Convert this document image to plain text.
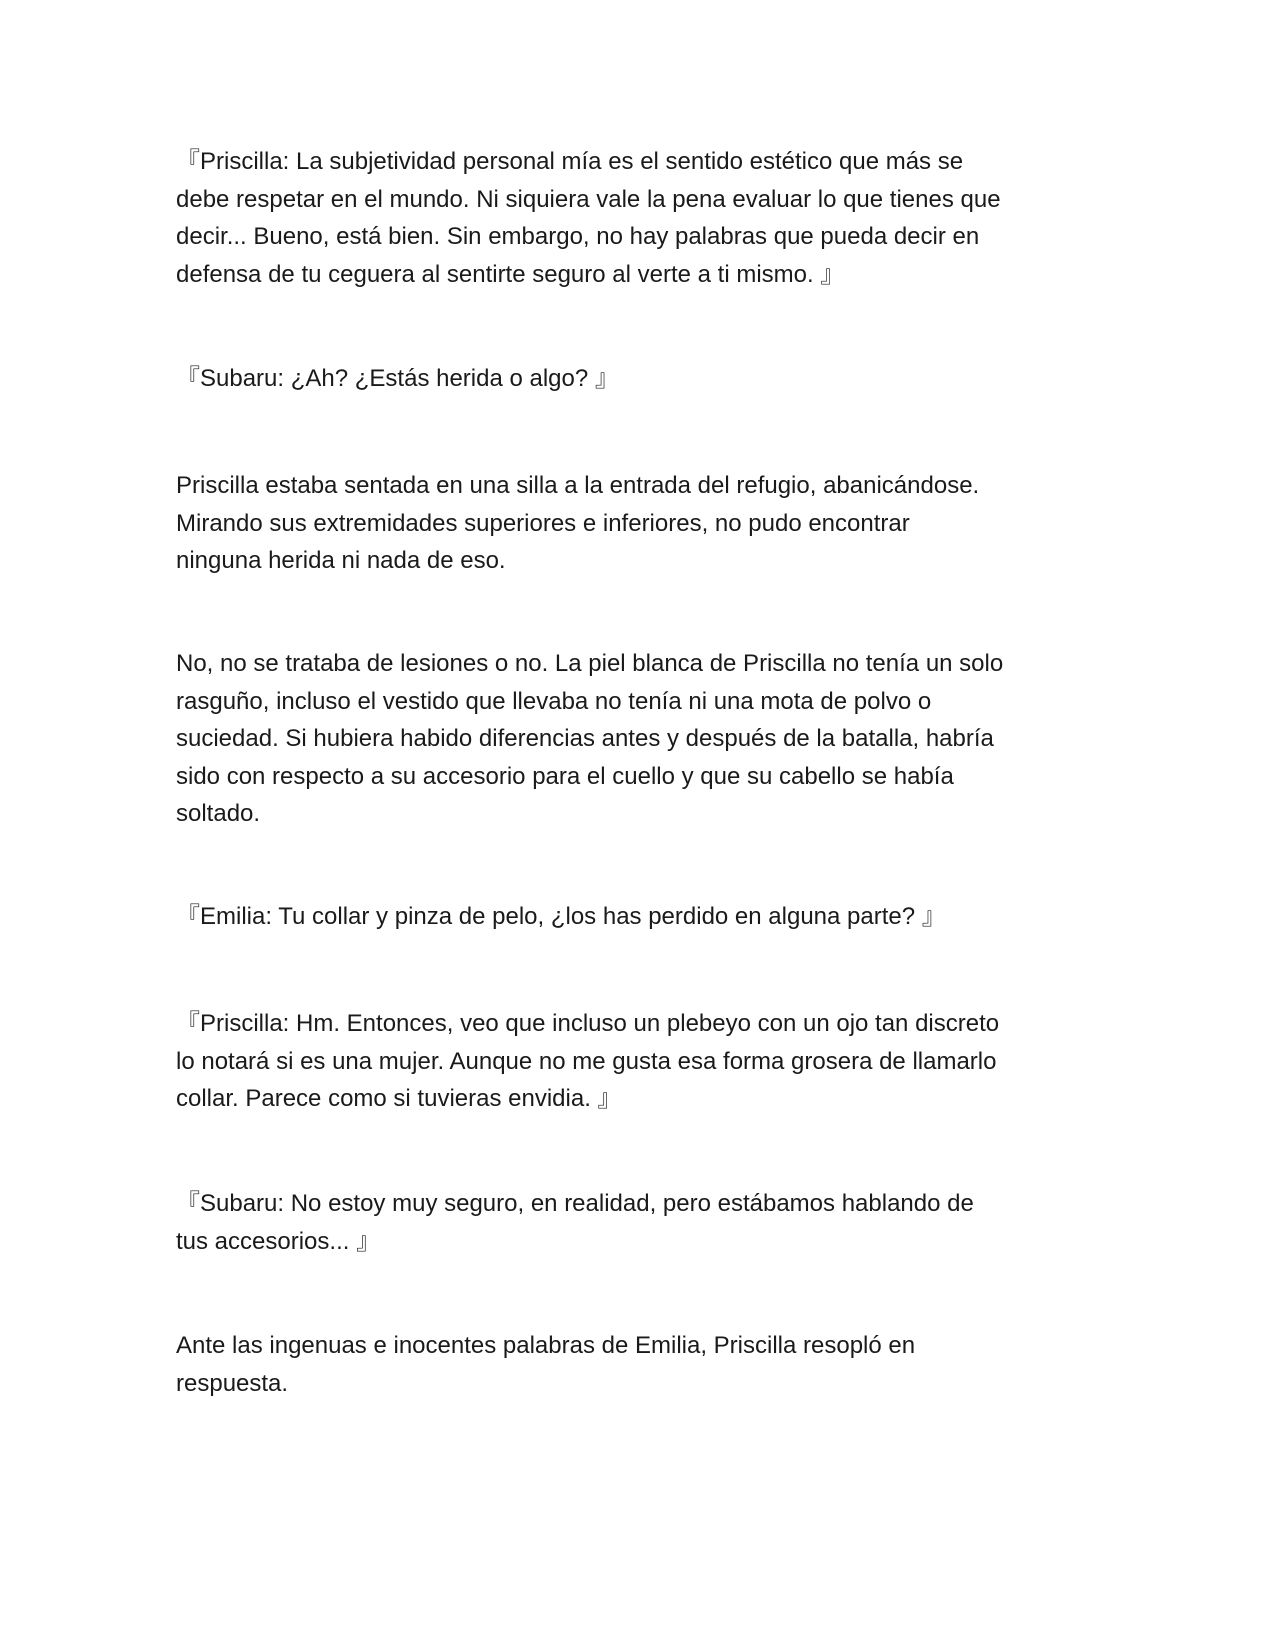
『Priscilla: La subjetividad personal mía es el sentido estético que más se
debe respetar en el mundo. Ni siquiera vale la pena evaluar lo que tienes que
decir... Bueno, está bien. Sin embargo, no hay palabras que pueda decir en
defensa de tu ceguera al sentirte seguro al verte a ti mismo. 』

『Subaru: ¿Ah? ¿Estás herida o algo? 』

Priscilla estaba sentada en una silla a la entrada del refugio, abanicándose.
Mirando sus extremidades superiores e inferiores, no pudo encontrar
ninguna herida ni nada de eso.

No, no se trataba de lesiones o no. La piel blanca de Priscilla no tenía un solo
rasguño, incluso el vestido que llevaba no tenía ni una mota de polvo o
suciedad. Si hubiera habido diferencias antes y después de la batalla, habría
sido con respecto a su accesorio para el cuello y que su cabello se había
soltado.

『Emilia: Tu collar y pinza de pelo, ¿los has perdido en alguna parte? 』

『Priscilla: Hm. Entonces, veo que incluso un plebeyo con un ojo tan discreto
lo notará si es una mujer. Aunque no me gusta esa forma grosera de llamarlo
collar. Parece como si tuvieras envidia. 』

『Subaru: No estoy muy seguro, en realidad, pero estábamos hablando de
tus accesorios... 』

Ante las ingenuas e inocentes palabras de Emilia, Priscilla resopló en
respuesta.
